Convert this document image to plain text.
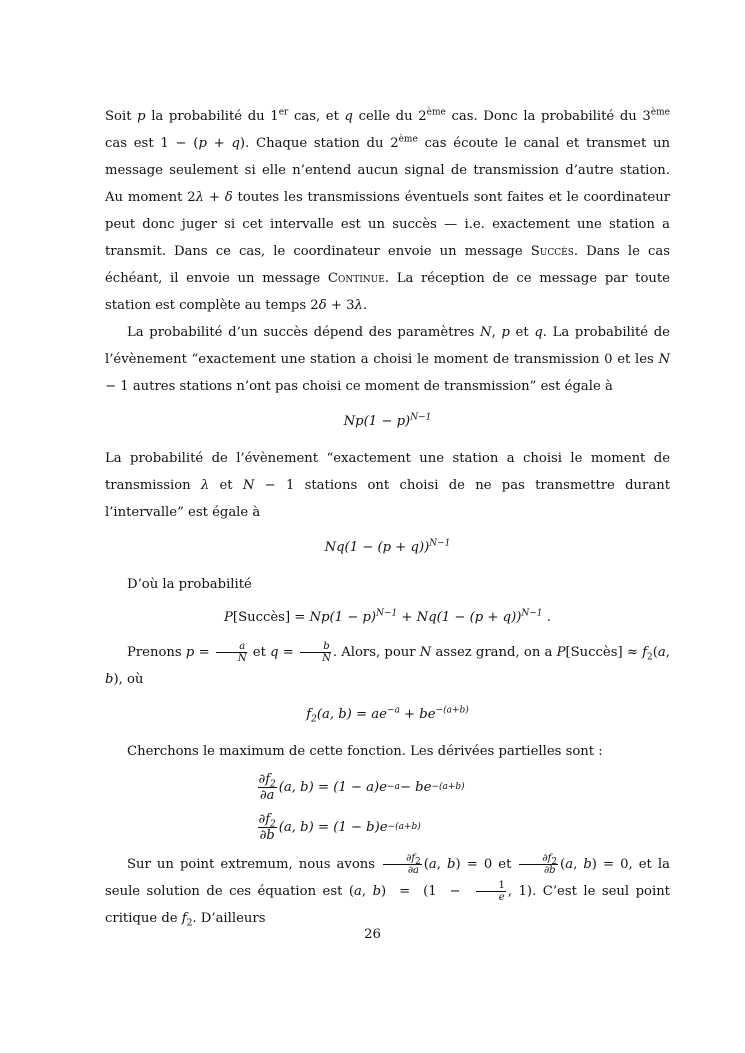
Soit p la probabilité du 1er cas, et q celle du 2ème cas. Donc la probabilité du 3ème cas est 1 − (p + q). Chaque station du 2ème cas écoute le canal et transmet un message seulement si elle n’entend aucun signal de transmission d’autre station. Au moment 2λ + δ toutes les transmissions éventuels sont faites et le coordinateur peut donc juger si cet intervalle est un succès — i.e. exactement une station a transmit. Dans ce cas, le coordinateur envoie un message Succès. Dans le cas échéant, il envoie un message Continue. La réception de ce message par toute station est complète au temps 2δ + 3λ.

La probabilité d’un succès dépend des paramètres N, p et q. La probabilité de l’évènement “exactement une station a choisi le moment de transmission 0 et les N − 1 autres stations n’ont pas choisi ce moment de transmission” est égale à

$Np(1 - p)^{N-1}$

La probabilité de l’évènement “exactement une station a choisi le moment de transmission λ et N − 1 stations ont choisi de ne pas transmettre durant l’intervalle” est égale à

$Nq(1 - (p + q))^{N-1}$

D’où la probabilité

P[Succès] = $Np(1 - p)^{N-1} + Nq(1 - (p + q))^{N-1}$ .

Prenons $p = \frac{a}{N}$ et $q = \frac{b}{N}$ . Alors, pour N assez grand, on a P[Succès] ≈ $f_2(a$, b), où

$f_2(a$, $b) = ae^{-a} + be^{-(a+b)}$

Cherchons le maximum de cette fonction. Les dérivées partielles sont :

$\partial f_2$
∂a
(a, b) = (1 − a)e −a − be −(a+b)
$\partial f_2$
∂b
(a, b) = (1 − b)e −(a+b)

Sur un point extremum, nous avons $\frac{\partial f_2}{\partial a} (a$, b) = 0 et $\frac{\partial f_2}{\partial b} (a$, b) = 0, et la seule solution de ces équation est (a, $b) = (1 - \frac{1}{e}$ , 1). C’est le seul point critique de $f_2$. D’ailleurs

26
